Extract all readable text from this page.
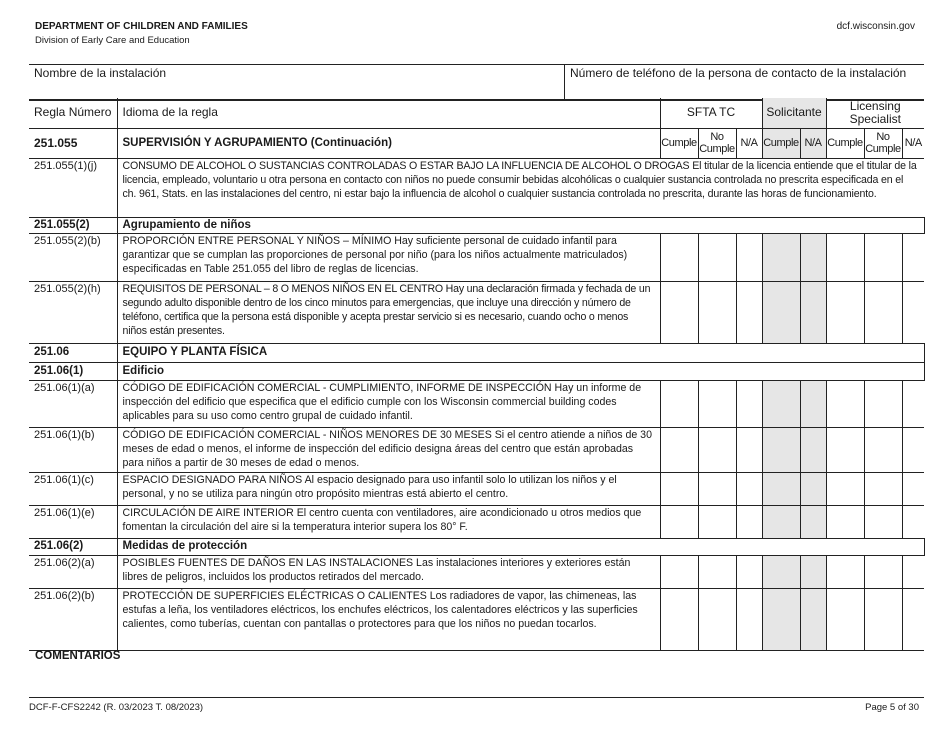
DEPARTMENT OF CHILDREN AND FAMILIES
Division of Early Care and Education
dcf.wisconsin.gov
Nombre de la instalación	Número de teléfono de la persona de contacto de la instalación
Regla Número	Idioma de la regla	SFTA TC			Solicitante		Licensing Specialist		
251.055	SUPERVISIÓN Y AGRUPAMIENTO (Continuación)	Cumple	No Cumple	N/A	Cumple	N/A	Cumple	No Cumple	N/A
251.055(1)(j)	CONSUMO DE ALCOHOL O SUSTANCIAS CONTROLADAS O ESTAR BAJO LA INFLUENCIA DE ALCOHOL O DROGAS El titular de la licencia entiende que el titular de la licencia, empleado, voluntario u otra persona en contacto con niños no puede consumir bebidas alcohólicas o cualquier sustancia controlada no prescrita especificada en el ch. 961, Stats. en las instalaciones del centro, ni estar bajo la influencia de alcohol o cualquier sustancia controlada no prescrita, durante las horas de funcionamiento.								
251.055(2)	Agrupamiento de niños								
251.055(2)(b)	PROPORCIÓN ENTRE PERSONAL Y NIÑOS – MÍNIMO Hay suficiente personal de cuidado infantil para garantizar que se cumplan las proporciones de personal por niño (para los niños actualmente matriculados) especificadas en Table 251.055 del libro de reglas de licencias.								
251.055(2)(h)	REQUISITOS DE PERSONAL – 8 O MENOS NIÑOS EN EL CENTRO Hay una declaración firmada y fechada de un segundo adulto disponible dentro de los cinco minutos para emergencias, que incluye una dirección y número de teléfono, certifica que la persona está disponible y acepta prestar servicio si es necesario, cuando ocho o menos niños están presentes.								
251.06	EQUIPO Y PLANTA FÍSICA								
251.06(1)	Edificio								
251.06(1)(a)	CÓDIGO DE EDIFICACIÓN COMERCIAL - CUMPLIMIENTO, INFORME DE INSPECCIÓN Hay un informe de inspección del edificio que especifica que el edificio cumple con los Wisconsin commercial building codes aplicables para su uso como centro grupal de cuidado infantil.								
251.06(1)(b)	CÓDIGO DE EDIFICACIÓN COMERCIAL - NIÑOS MENORES DE 30 MESES Si el centro atiende a niños de 30 meses de edad o menos, el informe de inspección del edificio designa áreas del centro que están aprobadas para niños a partir de 30 meses de edad o menos.								
251.06(1)(c)	ESPACIO DESIGNADO PARA NIÑOS Al espacio designado para uso infantil solo lo utilizan los niños y el personal, y no se utiliza para ningún otro propósito mientras está abierto el centro.								
251.06(1)(e)	CIRCULACIÓN DE AIRE INTERIOR El centro cuenta con ventiladores, aire acondicionado u otros medios que fomentan la circulación del aire si la temperatura interior supera los 80° F.								
251.06(2)	Medidas de protección								
251.06(2)(a)	POSIBLES FUENTES DE DAÑOS EN LAS INSTALACIONES Las instalaciones interiores y exteriores están libres de peligros, incluidos los productos retirados del mercado.								
251.06(2)(b)	PROTECCIÓN DE SUPERFICIES ELÉCTRICAS O CALIENTES Los radiadores de vapor, las chimeneas, las estufas a leña, los ventiladores eléctricos, los enchufes eléctricos, los calentadores eléctricos y las superficies calientes, como tuberías, cuentan con pantallas o protectores para que los niños no puedan tocarlos.								
COMENTARIOS
DCF-F-CFS2242 (R. 03/2023 T. 08/2023)	Page 5 of 30
